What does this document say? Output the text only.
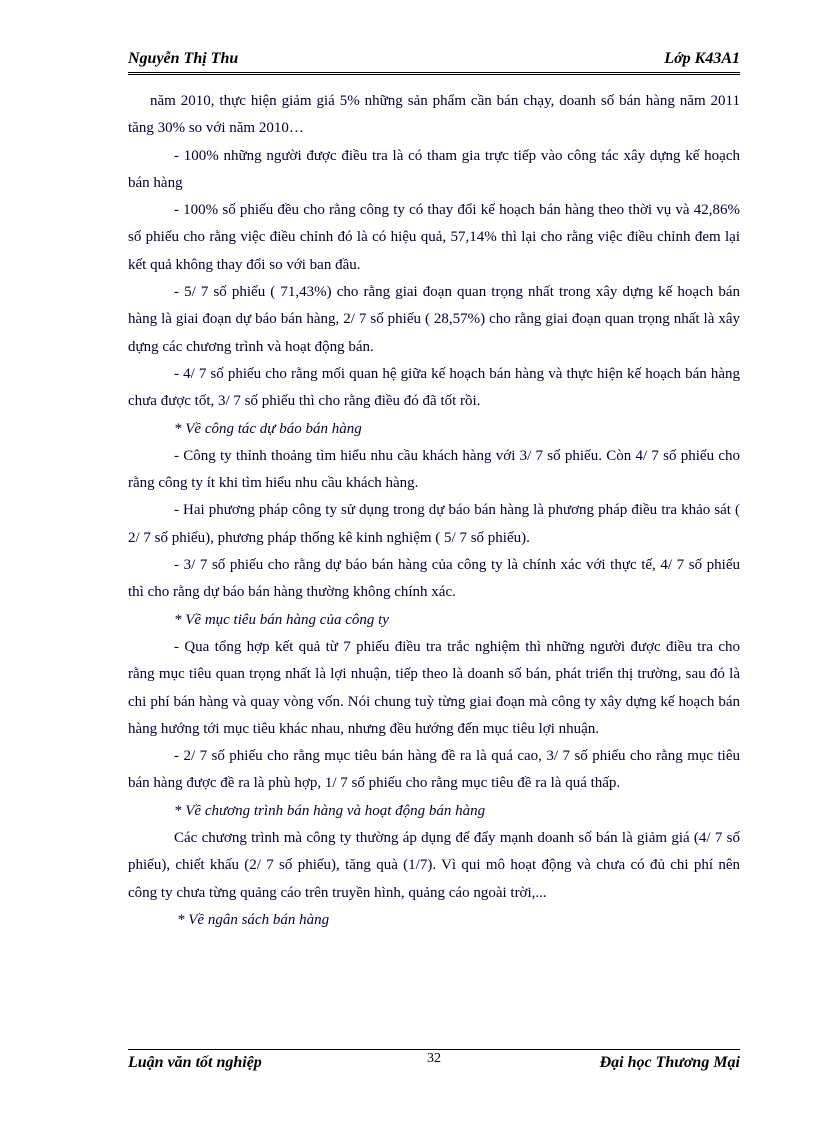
Nguyễn Thị Thu	Lớp K43A1

năm 2010, thực hiện giảm giá 5% những sản phẩm cần bán chạy, doanh số bán hàng năm 2011 tăng 30% so với năm 2010…

- 100% những người được điều tra là có tham gia trực tiếp vào công tác xây dựng kế hoạch bán hàng

- 100% số phiếu đều cho rằng công ty có thay đổi kế hoạch bán hàng theo thời vụ và 42,86% số phiếu cho rằng việc điều chỉnh đó là có hiệu quả, 57,14% thì lại cho rằng việc điều chỉnh đem lại kết quả không thay đổi so với ban đầu.

- 5/ 7 số phiếu ( 71,43%) cho rằng giai đoạn quan trọng nhất trong xây dựng kế hoạch bán hàng là giai đoạn dự báo bán hàng, 2/ 7 số phiếu ( 28,57%) cho rằng giai đoạn quan trọng nhất là xây dựng các chương trình và hoạt động bán.

- 4/ 7 số phiếu cho rằng mối quan hệ giữa kế hoạch bán hàng và thực hiện kế hoạch bán hàng chưa được tốt, 3/ 7 số phiếu thì cho rằng điều đó đã tốt rồi.

* Về công tác dự báo bán hàng

- Công ty thỉnh thoảng tìm hiểu nhu cầu khách hàng với 3/ 7 số phiếu. Còn 4/ 7 số phiếu cho rằng công ty ít khi tìm hiểu nhu cầu khách hàng.

- Hai phương pháp công ty sử dụng trong dự báo bán hàng là phương pháp điều tra khảo sát ( 2/ 7 số phiếu), phương pháp thống kê kinh nghiệm ( 5/ 7 số phiếu).

- 3/ 7 số phiếu cho rằng dự báo bán hàng của công ty là chính xác với thực tế, 4/ 7 số phiếu thì cho rằng dự báo bán hàng thường không chính xác.

* Về mục tiêu bán hàng của công ty

- Qua tổng hợp kết quả từ 7 phiếu điều tra trắc nghiệm thì những người được điều tra cho rằng mục tiêu quan trọng nhất là lợi nhuận, tiếp theo là doanh số bán, phát triển thị trường, sau đó là chi phí bán hàng và quay vòng vốn. Nói chung tuỳ từng giai đoạn mà công ty xây dựng kế hoạch bán hàng hướng tới mục tiêu khác nhau, nhưng đều hướng đến mục tiêu lợi nhuận.

- 2/ 7 số phiếu cho rằng mục tiêu bán hàng đề ra là quá cao, 3/ 7 số phiếu cho rằng mục tiêu bán hàng được đề ra là phù hợp, 1/ 7 số phiếu cho rằng mục tiêu đề ra là quá thấp.

* Về chương trình bán hàng và hoạt động bán hàng

Các chương trình mà công ty thường áp dụng để đẩy mạnh doanh số bán là giảm giá (4/ 7 số phiếu), chiết khấu (2/ 7 số phiếu), tăng quà (1/7). Vì qui mô hoạt động và chưa có đủ chi phí nên công ty chưa từng quảng cáo trên truyền hình, quảng cáo ngoài trời,...

* Về ngân sách bán hàng

Luận văn tốt nghiệp	32	Đại học Thương Mại
